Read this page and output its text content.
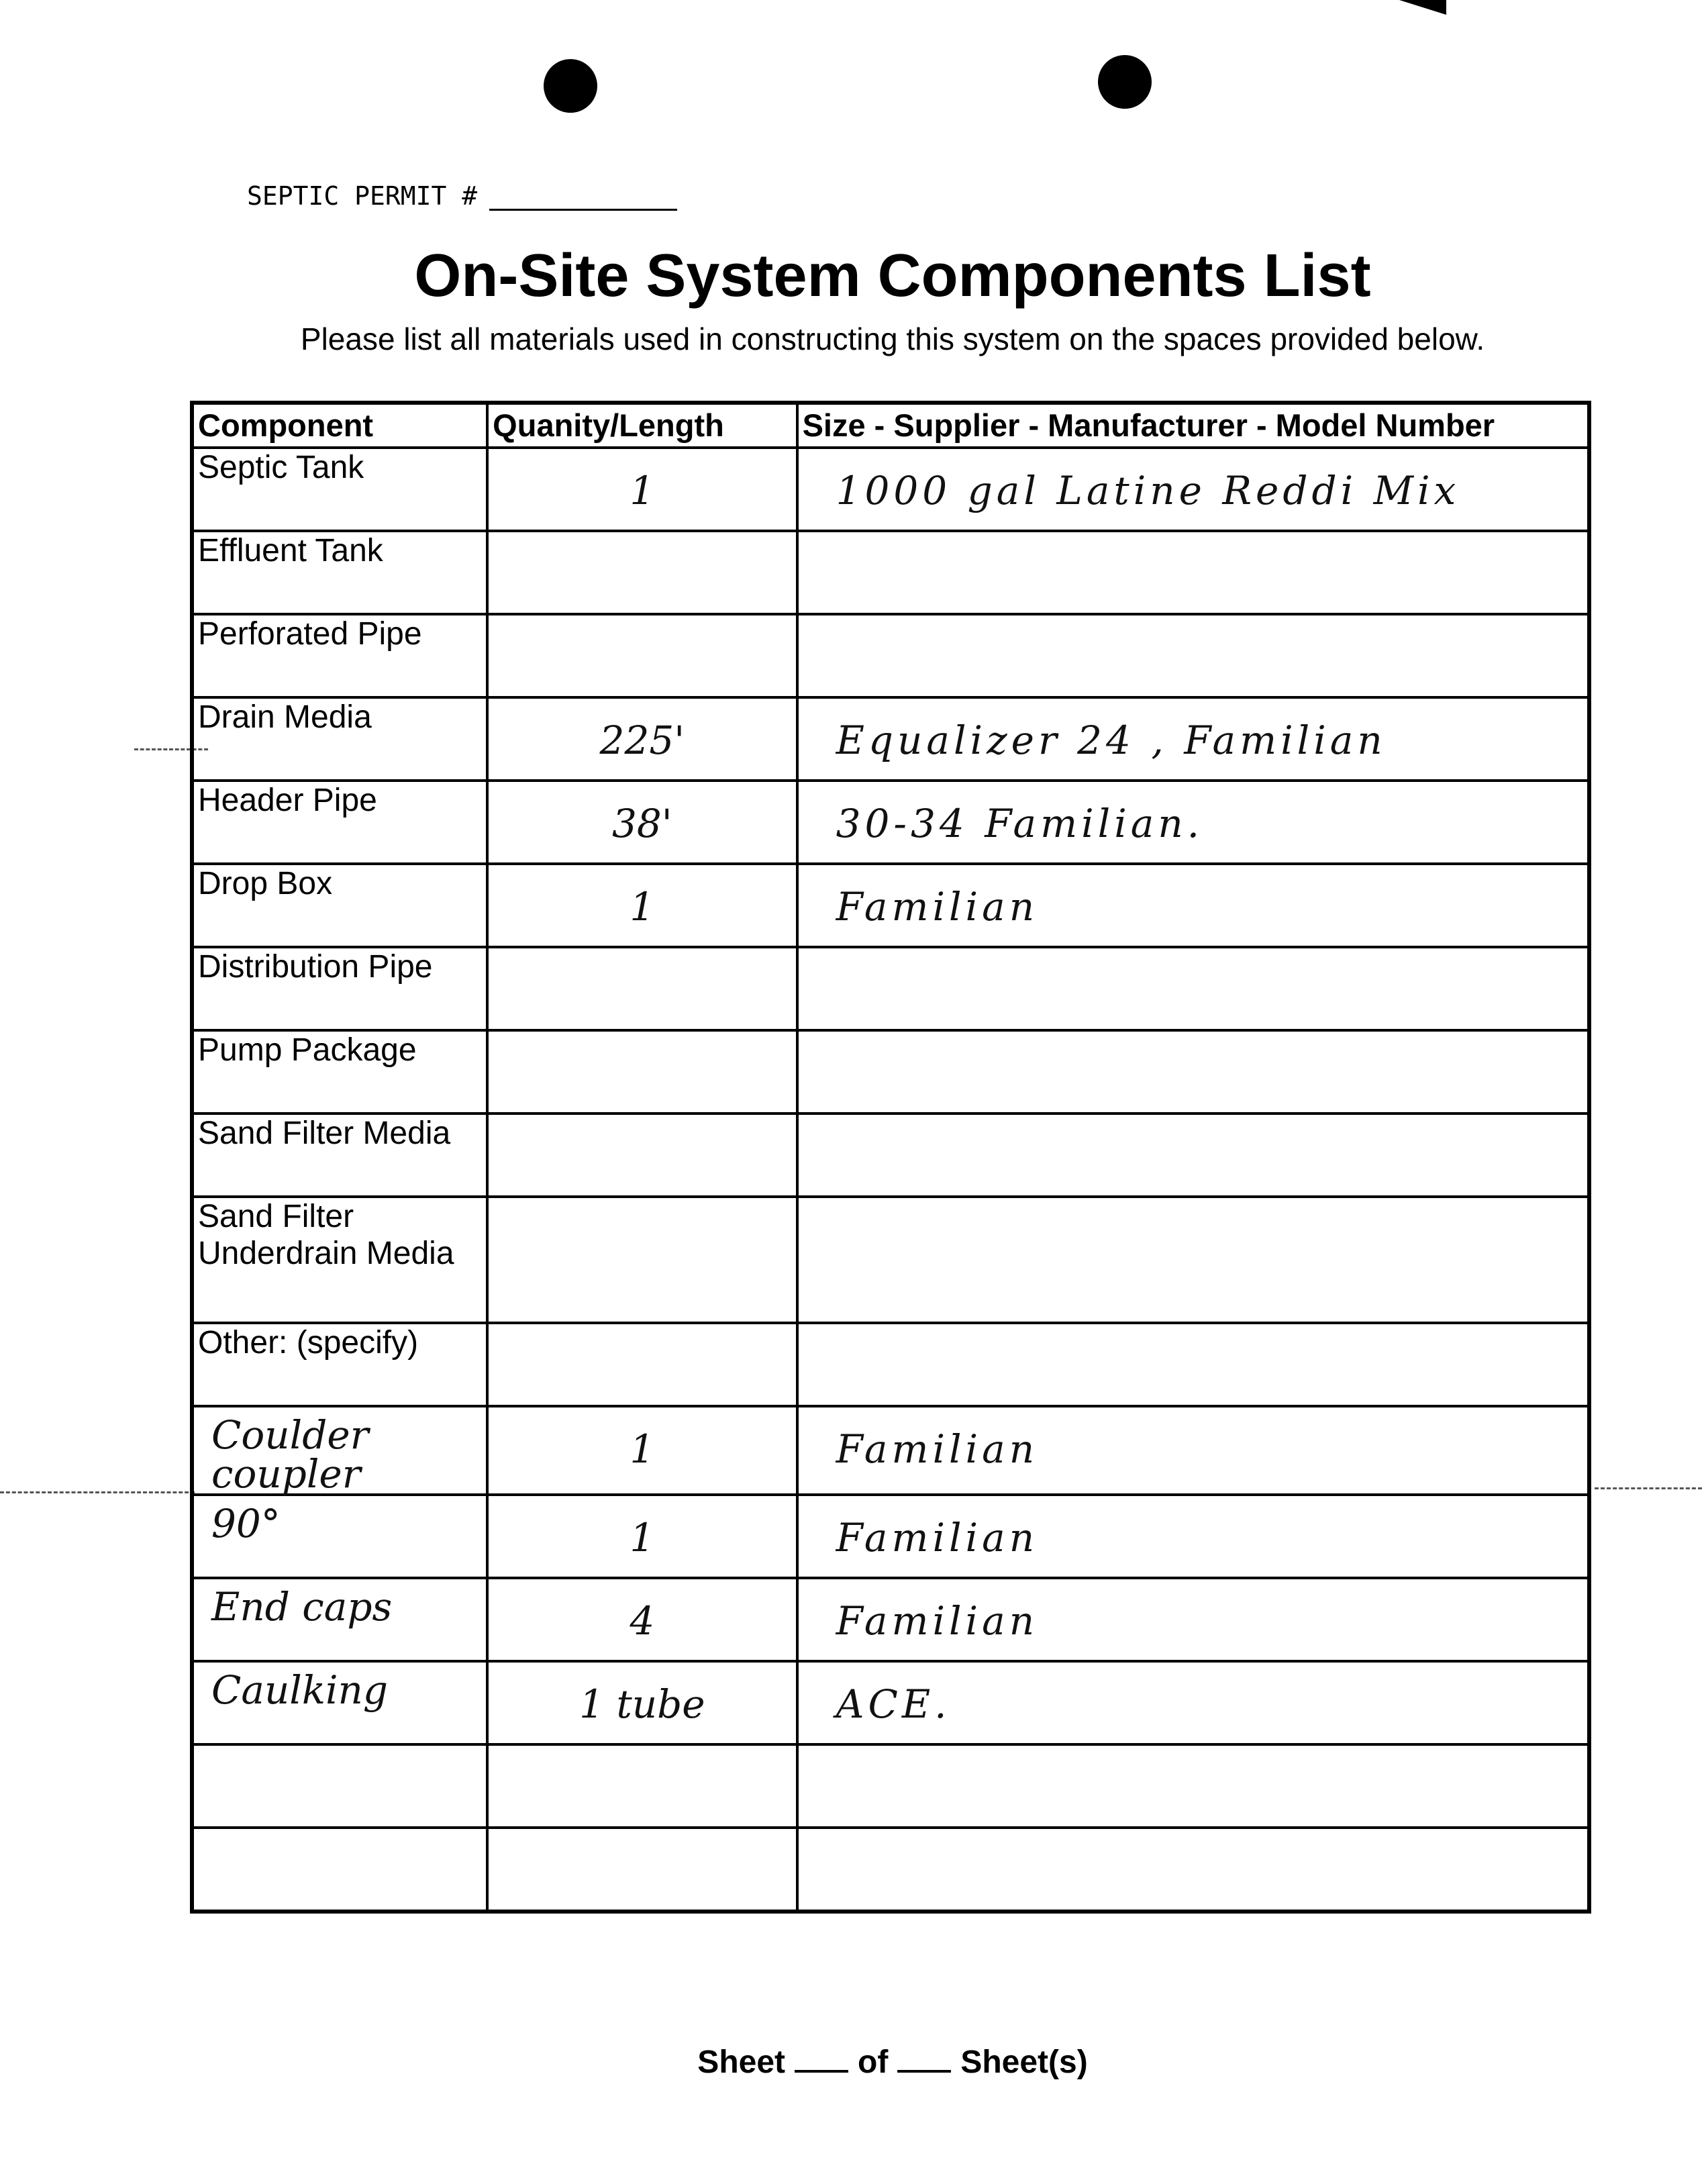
SEPTIC PERMIT #
On-Site System Components List
Please list all materials used in constructing this system on the spaces provided below.
Component	Quanity/Length	Size - Supplier - Manufacturer - Model Number
Septic Tank	1	1000 gal Latine Reddi Mix

Effluent Tank	

Perforated Pipe	

Drain Media	225'	Equalizer 24 , Familian

Header Pipe	38'	30-34 Familian.

Drop Box	1	Familian

Distribution Pipe	

Pump Package	

Sand Filter Media	

Sand Filter Underdrain Media	

Other: (specify)	

Coulder coupler	1	Familian

90°	1	Familian

End caps	4	Familian

Caulking	1 tube	ACE.

Sheet of Sheet(s)
